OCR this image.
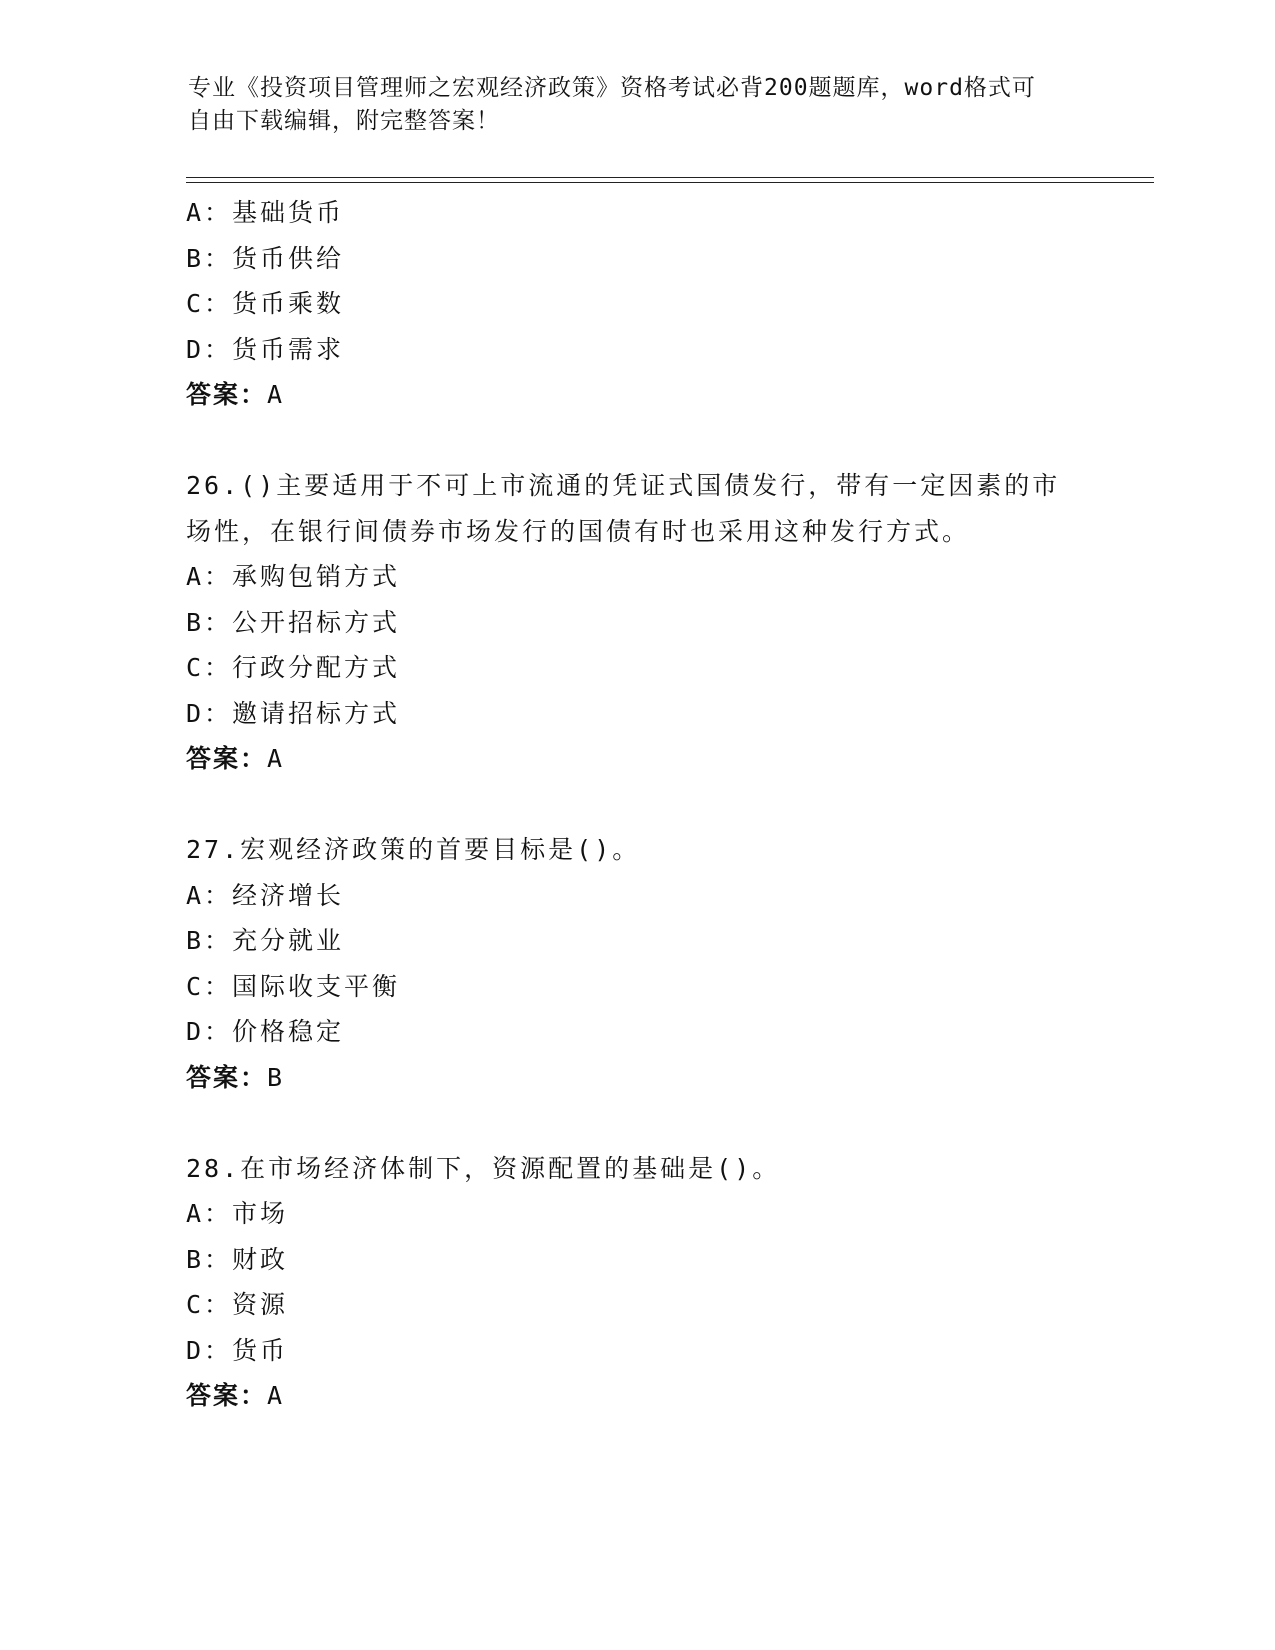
专业《投资项目管理师之宏观经济政策》资格考试必背200题题库，word格式可
自由下载编辑，附完整答案！
A：基础货币
B：货币供给
C：货币乘数
D：货币需求
答案：A
26.()主要适用于不可上市流通的凭证式国债发行，带有一定因素的市
场性，在银行间债券市场发行的国债有时也采用这种发行方式。
A：承购包销方式
B：公开招标方式
C：行政分配方式
D：邀请招标方式
答案：A
27.宏观经济政策的首要目标是()。
A：经济增长
B：充分就业
C：国际收支平衡
D：价格稳定
答案：B
28.在市场经济体制下，资源配置的基础是()。
A：市场
B：财政
C：资源
D：货币
答案：A
